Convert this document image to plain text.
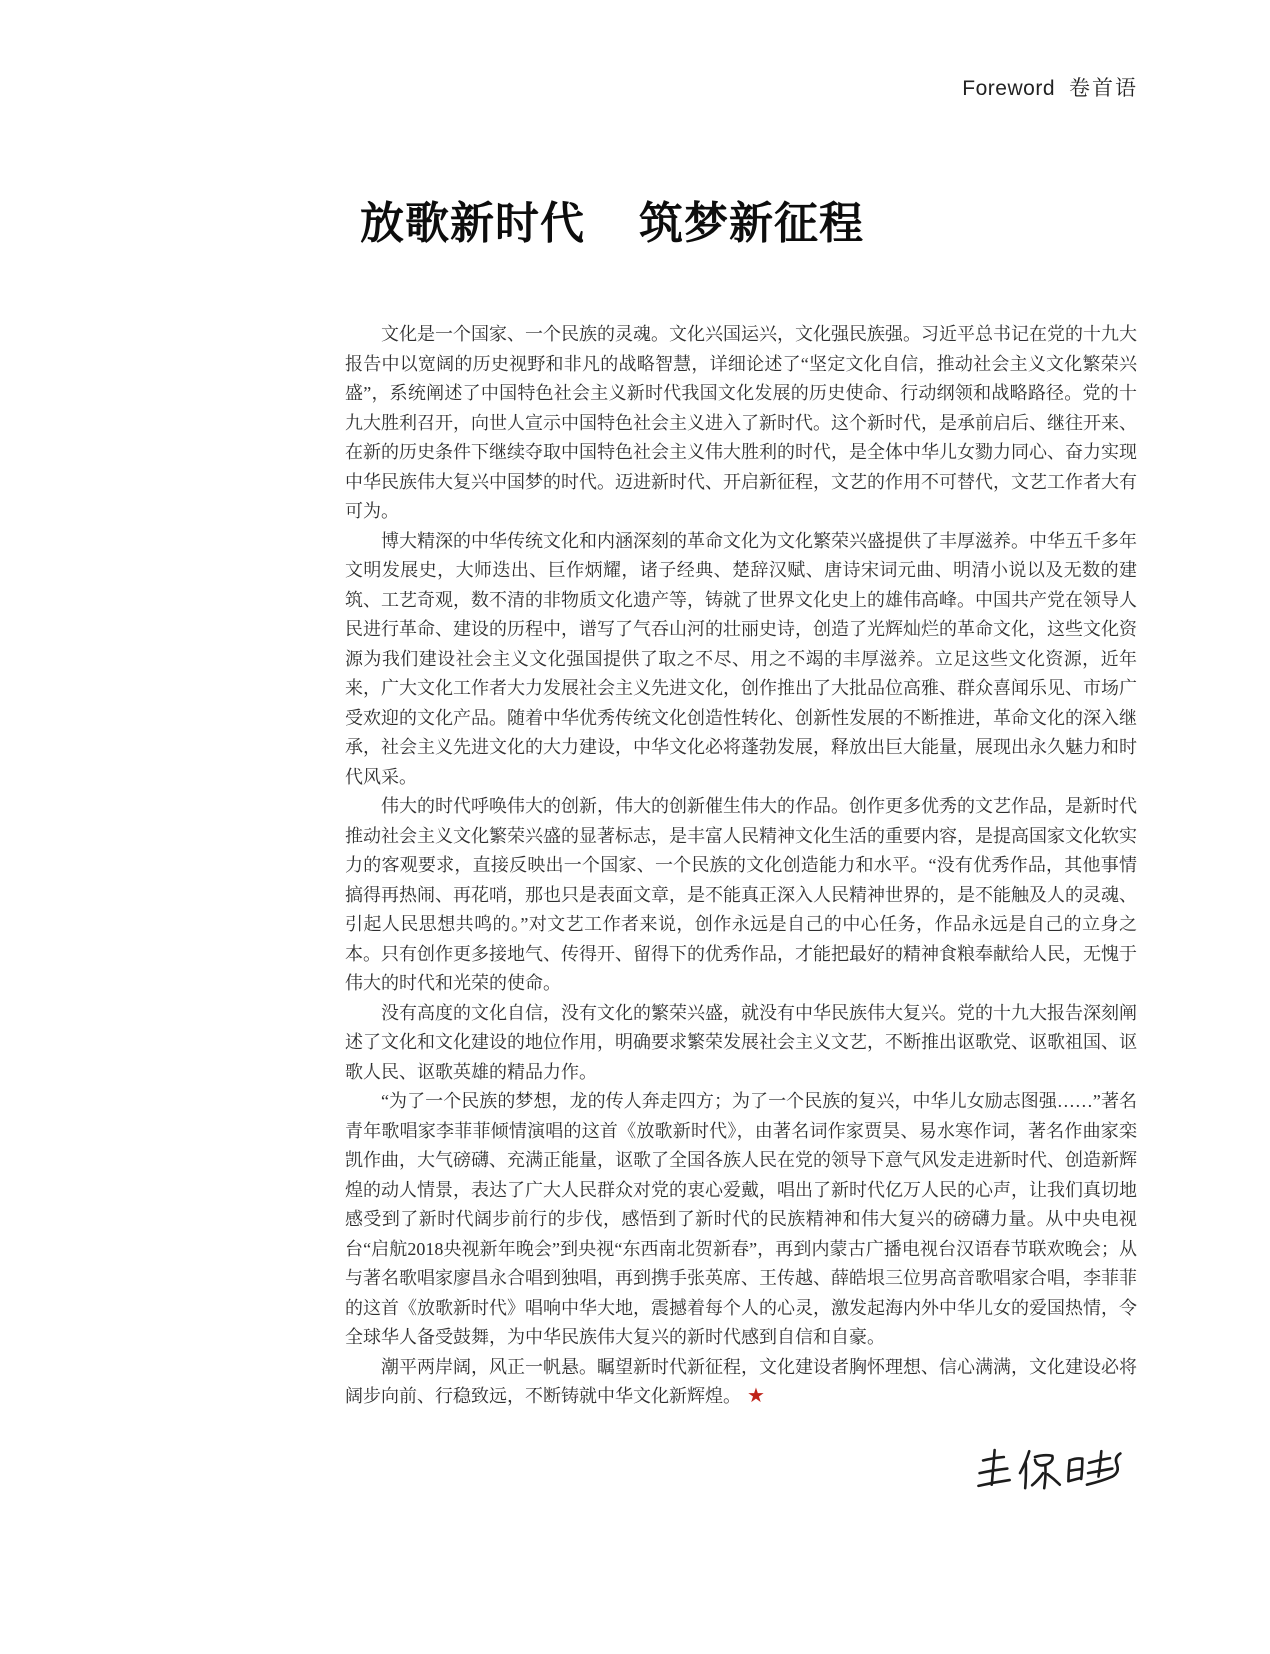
Foreword 卷首语
放歌新时代 筑梦新征程

文化是一个国家、一个民族的灵魂。文化兴国运兴，文化强民族强。习近平总书记在党的十九大报告中以宽阔的历史视野和非凡的战略智慧，详细论述了“坚定文化自信，推动社会主义文化繁荣兴盛”，系统阐述了中国特色社会主义新时代我国文化发展的历史使命、行动纲领和战略路径。党的十九大胜利召开，向世人宣示中国特色社会主义进入了新时代。这个新时代，是承前启后、继往开来、在新的历史条件下继续夺取中国特色社会主义伟大胜利的时代，是全体中华儿女勠力同心、奋力实现中华民族伟大复兴中国梦的时代。迈进新时代、开启新征程，文艺的作用不可替代，文艺工作者大有可为。

博大精深的中华传统文化和内涵深刻的革命文化为文化繁荣兴盛提供了丰厚滋养。中华五千多年文明发展史，大师迭出、巨作炳耀，诸子经典、楚辞汉赋、唐诗宋词元曲、明清小说以及无数的建筑、工艺奇观，数不清的非物质文化遗产等，铸就了世界文化史上的雄伟高峰。中国共产党在领导人民进行革命、建设的历程中，谱写了气吞山河的壮丽史诗，创造了光辉灿烂的革命文化，这些文化资源为我们建设社会主义文化强国提供了取之不尽、用之不竭的丰厚滋养。立足这些文化资源，近年来，广大文化工作者大力发展社会主义先进文化，创作推出了大批品位高雅、群众喜闻乐见、市场广受欢迎的文化产品。随着中华优秀传统文化创造性转化、创新性发展的不断推进，革命文化的深入继承，社会主义先进文化的大力建设，中华文化必将蓬勃发展，释放出巨大能量，展现出永久魅力和时代风采。

伟大的时代呼唤伟大的创新，伟大的创新催生伟大的作品。创作更多优秀的文艺作品，是新时代推动社会主义文化繁荣兴盛的显著标志，是丰富人民精神文化生活的重要内容，是提高国家文化软实力的客观要求，直接反映出一个国家、一个民族的文化创造能力和水平。“没有优秀作品，其他事情搞得再热闹、再花哨，那也只是表面文章，是不能真正深入人民精神世界的，是不能触及人的灵魂、引起人民思想共鸣的。”对文艺工作者来说，创作永远是自己的中心任务，作品永远是自己的立身之本。只有创作更多接地气、传得开、留得下的优秀作品，才能把最好的精神食粮奉献给人民，无愧于伟大的时代和光荣的使命。

没有高度的文化自信，没有文化的繁荣兴盛，就没有中华民族伟大复兴。党的十九大报告深刻阐述了文化和文化建设的地位作用，明确要求繁荣发展社会主义文艺，不断推出讴歌党、讴歌祖国、讴歌人民、讴歌英雄的精品力作。

“为了一个民族的梦想，龙的传人奔走四方；为了一个民族的复兴，中华儿女励志图强……”著名青年歌唱家李菲菲倾情演唱的这首《放歌新时代》，由著名词作家贾昊、易水寒作词，著名作曲家栾凯作曲，大气磅礴、充满正能量，讴歌了全国各族人民在党的领导下意气风发走进新时代、创造新辉煌的动人情景，表达了广大人民群众对党的衷心爱戴，唱出了新时代亿万人民的心声，让我们真切地感受到了新时代阔步前行的步伐，感悟到了新时代的民族精神和伟大复兴的磅礴力量。从中央电视台“启航2018央视新年晚会”到央视“东西南北贺新春”，再到内蒙古广播电视台汉语春节联欢晚会；从与著名歌唱家廖昌永合唱到独唱，再到携手张英席、王传越、薛皓垠三位男高音歌唱家合唱，李菲菲的这首《放歌新时代》唱响中华大地，震撼着每个人的心灵，激发起海内外中华儿女的爱国热情，令全球华人备受鼓舞，为中华民族伟大复兴的新时代感到自信和自豪。

潮平两岸阔，风正一帆悬。瞩望新时代新征程，文化建设者胸怀理想、信心满满，文化建设必将阔步向前、行稳致远，不断铸就中华文化新辉煌。 ★
